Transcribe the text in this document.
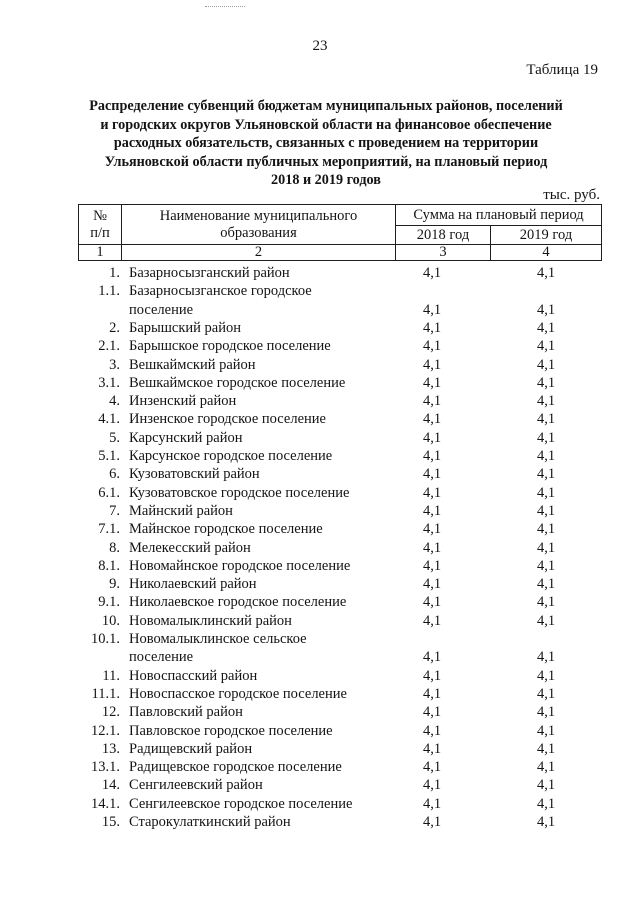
23
Таблица 19
Распределение субвенций бюджетам муниципальных районов, поселений
и городских округов Ульяновской области на финансовое обеспечение
расходных обязательств, связанных с проведением на территории
Ульяновской области публичных мероприятий, на плановый период
2018 и 2019 годов
тыс. руб.
№
п/п
Наименование муниципального
образования
Сумма на плановый период
2018 год	2019 год
1	2	3	4
1. Базарносызганский район	4,1	4,1
1.1. Базарносызганское городское
поселение	4,1	4,1
2. Барышский район	4,1	4,1
2.1. Барышское городское поселение	4,1	4,1
3. Вешкаймский район	4,1	4,1
3.1. Вешкаймское городское поселение	4,1	4,1
4. Инзенский район	4,1	4,1
4.1. Инзенское городское поселение	4,1	4,1
5. Карсунский район	4,1	4,1
5.1. Карсунское городское поселение	4,1	4,1
6. Кузоватовский район	4,1	4,1
6.1. Кузоватовское городское поселение	4,1	4,1
7. Майнский район	4,1	4,1
7.1. Майнское городское поселение	4,1	4,1
8. Мелекесский район	4,1	4,1
8.1. Новомайнское городское поселение	4,1	4,1
9. Николаевский район	4,1	4,1
9.1. Николаевское городское поселение	4,1	4,1
10. Новомалыклинский район	4,1	4,1
10.1. Новомалыклинское сельское
поселение	4,1	4,1
11. Новоспасский район	4,1	4,1
11.1. Новоспасское городское поселение	4,1	4,1
12. Павловский район	4,1	4,1
12.1. Павловское городское поселение	4,1	4,1
13. Радищевский район	4,1	4,1
13.1. Радищевское городское поселение	4,1	4,1
14. Сенгилеевский район	4,1	4,1
14.1. Сенгилеевское городское поселение	4,1	4,1
15. Старокулаткинский район	4,1	4,1
